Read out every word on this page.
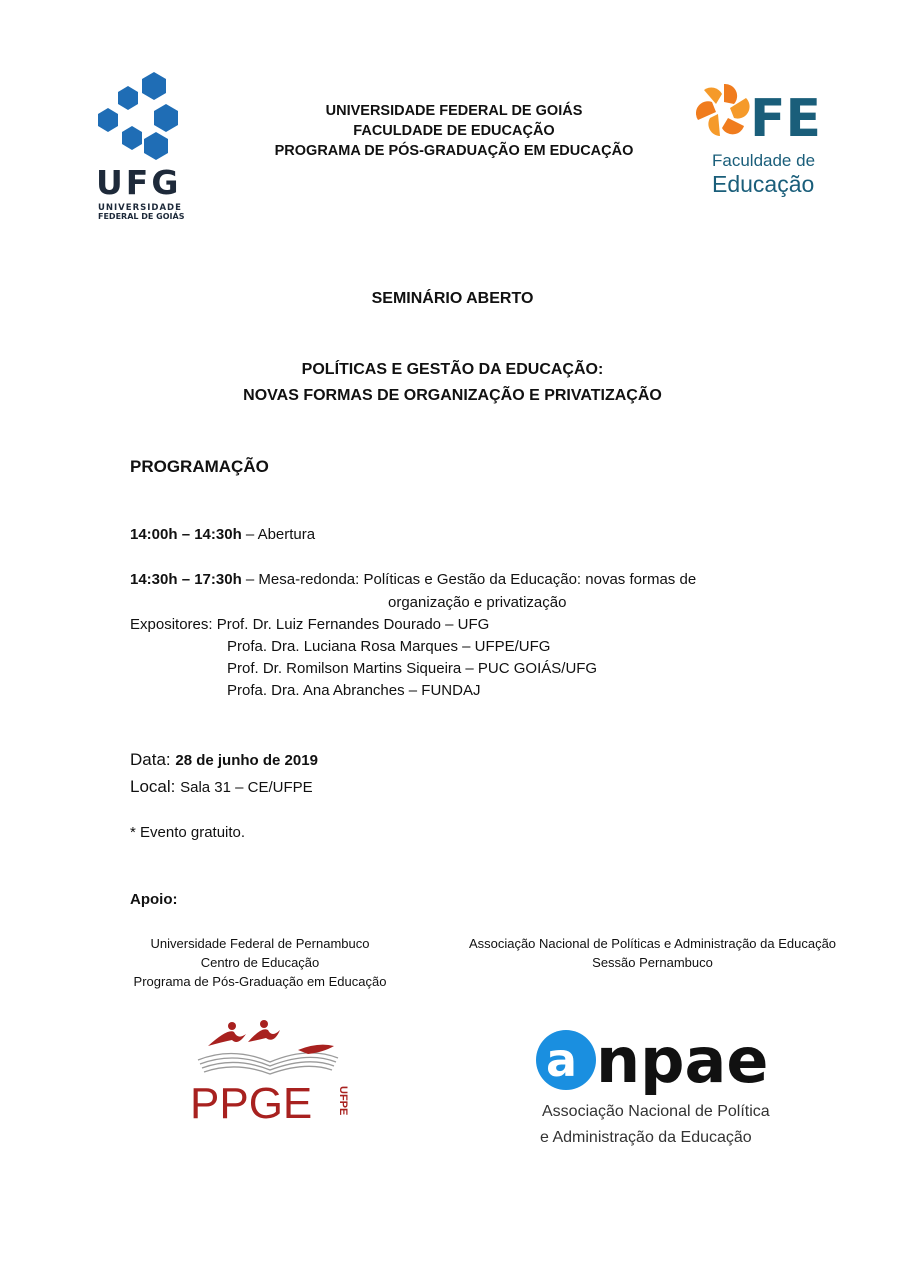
UFG
UNIVERSIDADE
FEDERAL DE GOIÁS
UNIVERSIDADE FEDERAL DE GOIÁS
FACULDADE DE EDUCAÇÃO
PROGRAMA DE PÓS-GRADUAÇÃO EM EDUCAÇÃO
FE
Faculdade de
Educação
SEMINÁRIO ABERTO
POLÍTICAS E GESTÃO DA EDUCAÇÃO:
NOVAS FORMAS DE ORGANIZAÇÃO E PRIVATIZAÇÃO
PROGRAMAÇÃO
14:00h – 14:30h – Abertura
14:30h – 17:30h – Mesa-redonda: Políticas e Gestão da Educação: novas formas de
organização e privatização
Expositores: Prof. Dr. Luiz Fernandes Dourado – UFG
Profa. Dra. Luciana Rosa Marques – UFPE/UFG
Prof. Dr. Romilson Martins Siqueira – PUC GOIÁS/UFG
Profa. Dra. Ana Abranches – FUNDAJ
Data: 28 de junho de 2019
Local: Sala 31 – CE/UFPE
* Evento gratuito.
Apoio:
Universidade Federal de Pernambuco
Centro de Educação
Programa de Pós-Graduação em Educação
Associação Nacional de Políticas e Administração da Educação
Sessão Pernambuco
PPGE UFPE
a npae
Associação Nacional de Política
e Administração da Educação
